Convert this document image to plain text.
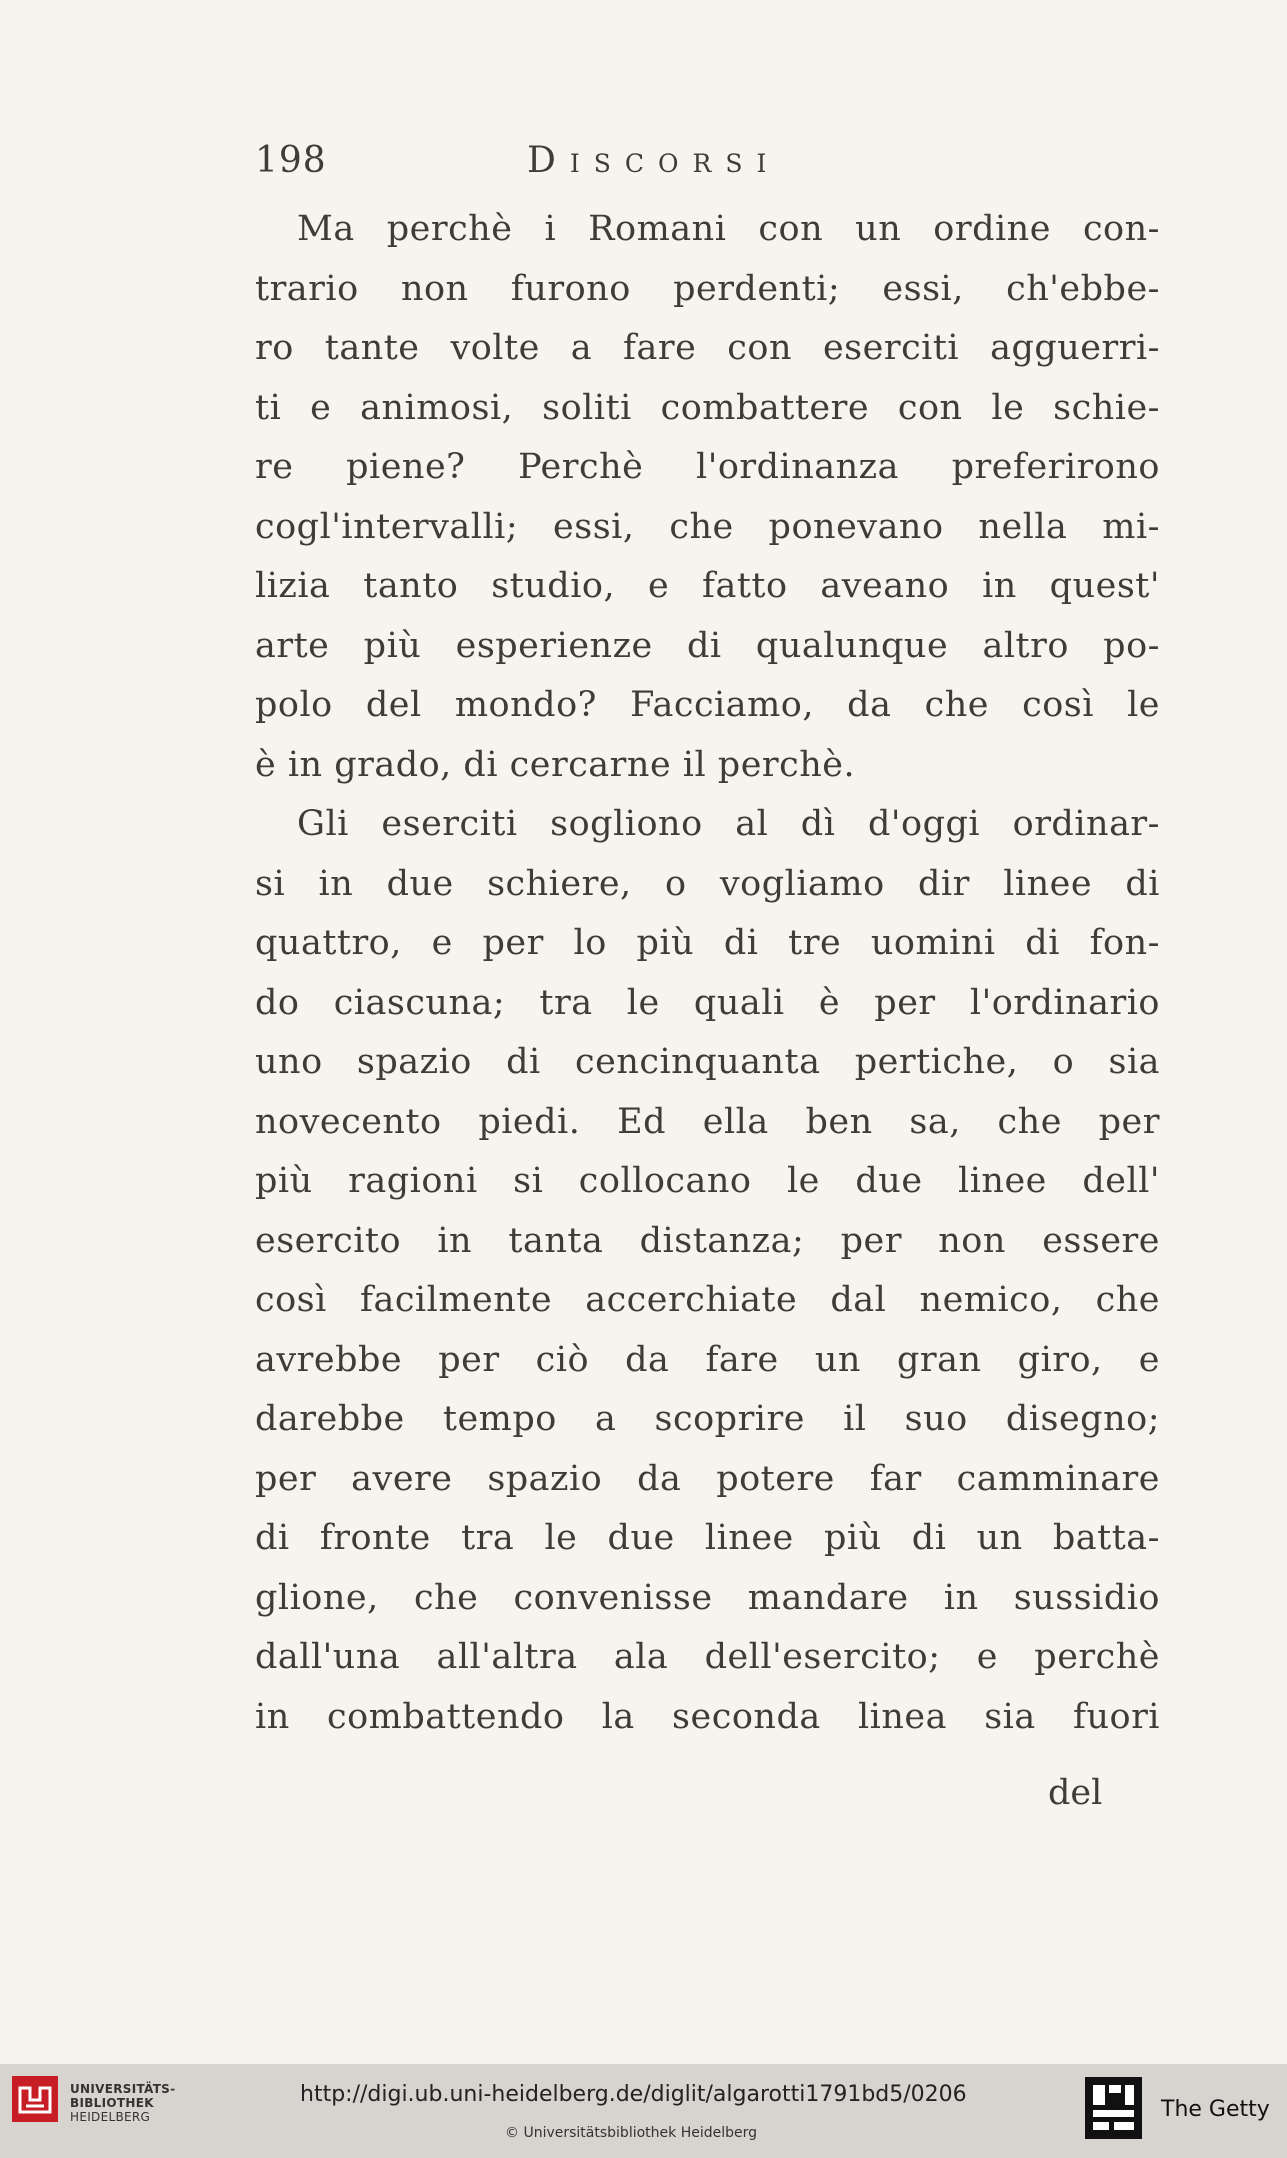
198	Discorsi
Ma perchè i Romani con un ordine con-
trario non furono perdenti; essi, ch'ebbe-
ro tante volte a fare con eserciti agguerri-
ti e animosi, soliti combattere con le schie-
re piene? Perchè l'ordinanza preferirono
cogl'intervalli; essi, che ponevano nella mi-
lizia tanto studio, e fatto aveano in quest'
arte più esperienze di qualunque altro po-
polo del mondo? Facciamo, da che così le
è in grado, di cercarne il perchè.
Gli eserciti sogliono al dì d'oggi ordinar-
si in due schiere, o vogliamo dir linee di
quattro, e per lo più di tre uomini di fon-
do ciascuna; tra le quali è per l'ordinario
uno spazio di cencinquanta pertiche, o sia
novecento piedi. Ed ella ben sa, che per
più ragioni si collocano le due linee dell'
esercito in tanta distanza; per non essere
così facilmente accerchiate dal nemico, che
avrebbe per ciò da fare un gran giro, e
darebbe tempo a scoprire il suo disegno;
per avere spazio da potere far camminare
di fronte tra le due linee più di un batta-
glione, che convenisse mandare in sussidio
dall'una all'altra ala dell'esercito; e perchè
in combattendo la seconda linea sia fuori
del
UNIVERSITÄTS-
BIBLIOTHEK
HEIDELBERG
http://digi.ub.uni-heidelberg.de/diglit/algarotti1791bd5/0206
© Universitätsbibliothek Heidelberg
The Getty
